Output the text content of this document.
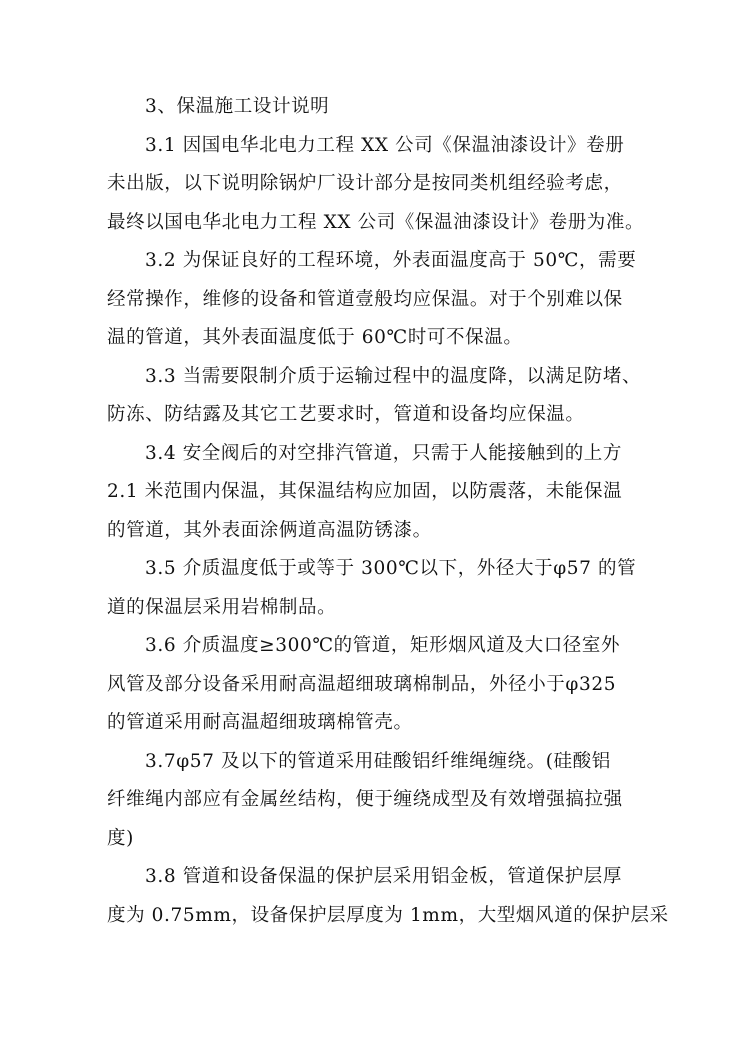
3、保温施工设计说明
3.1 因国电华北电力工程 XX 公司《保温油漆设计》卷册
未出版，以下说明除锅炉厂设计部分是按同类机组经验考虑，
最终以国电华北电力工程 XX 公司《保温油漆设计》卷册为准。
3.2 为保证良好的工程环境，外表面温度高于 50℃，需要
经常操作，维修的设备和管道壹般均应保温。对于个别难以保
温的管道，其外表面温度低于 60℃时可不保温。
3.3 当需要限制介质于运输过程中的温度降，以满足防堵、
防冻、防结露及其它工艺要求时，管道和设备均应保温。
3.4 安全阀后的对空排汽管道，只需于人能接触到的上方
2.1 米范围内保温，其保温结构应加固，以防震落，未能保温
的管道，其外表面涂俩道高温防锈漆。
3.5 介质温度低于或等于 300℃以下，外径大于φ57 的管
道的保温层采用岩棉制品。
3.6 介质温度≥300℃的管道，矩形烟风道及大口径室外
风管及部分设备采用耐高温超细玻璃棉制品，外径小于φ325
的管道采用耐高温超细玻璃棉管壳。
3.7φ57 及以下的管道采用硅酸铝纤维绳缠绕。(硅酸铝
纤维绳内部应有金属丝结构，便于缠绕成型及有效增强搞拉强
度)
3.8 管道和设备保温的保护层采用铝金板，管道保护层厚
度为 0.75mm，设备保护层厚度为 1mm，大型烟风道的保护层采
